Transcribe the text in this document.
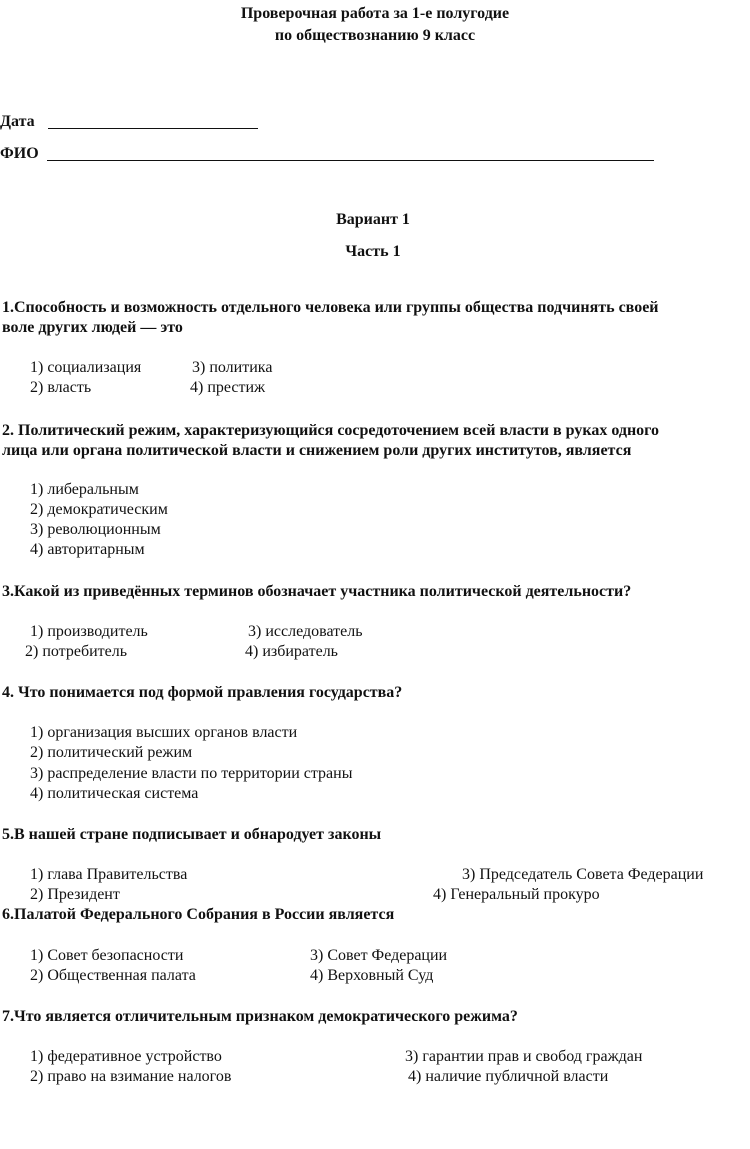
Проверочная работа за 1-е полугодие
по обществознанию 9 класс
Дата
ФИО
Вариант 1
Часть 1
1.Способность и возможность отдельного человека или группы общества подчинять своей
воле других людей — это
1) социализация	3) политика
2) власть	4) престиж
2. Политический режим, характеризующийся сосредоточением всей власти в руках одного
лица или органа политической власти и снижением роли других институтов, является
1) либеральным
2) демократическим
3) революционным
4) авторитарным
3.Какой из приведённых терминов обозначает участника политической деятельности?
1) производитель	3) исследователь
2) потребитель	4) избиратель
4. Что понимается под формой правления государства?
1) организация высших органов власти
2) политический режим
3) распределение власти по территории страны
4) политическая система
5.В нашей стране подписывает и обнародует законы
1) глава Правительства	3) Председатель Совета Федерации
2) Президент	4) Генеральный прокуро
6.Палатой Федерального Собрания в России является
1) Совет безопасности	3) Совет Федерации
2) Общественная палата	4) Верховный Суд
7.Что является отличительным признаком демократического режима?
1) федеративное устройство	3) гарантии прав и свобод граждан
2) право на взимание налогов	4) наличие публичной власти
